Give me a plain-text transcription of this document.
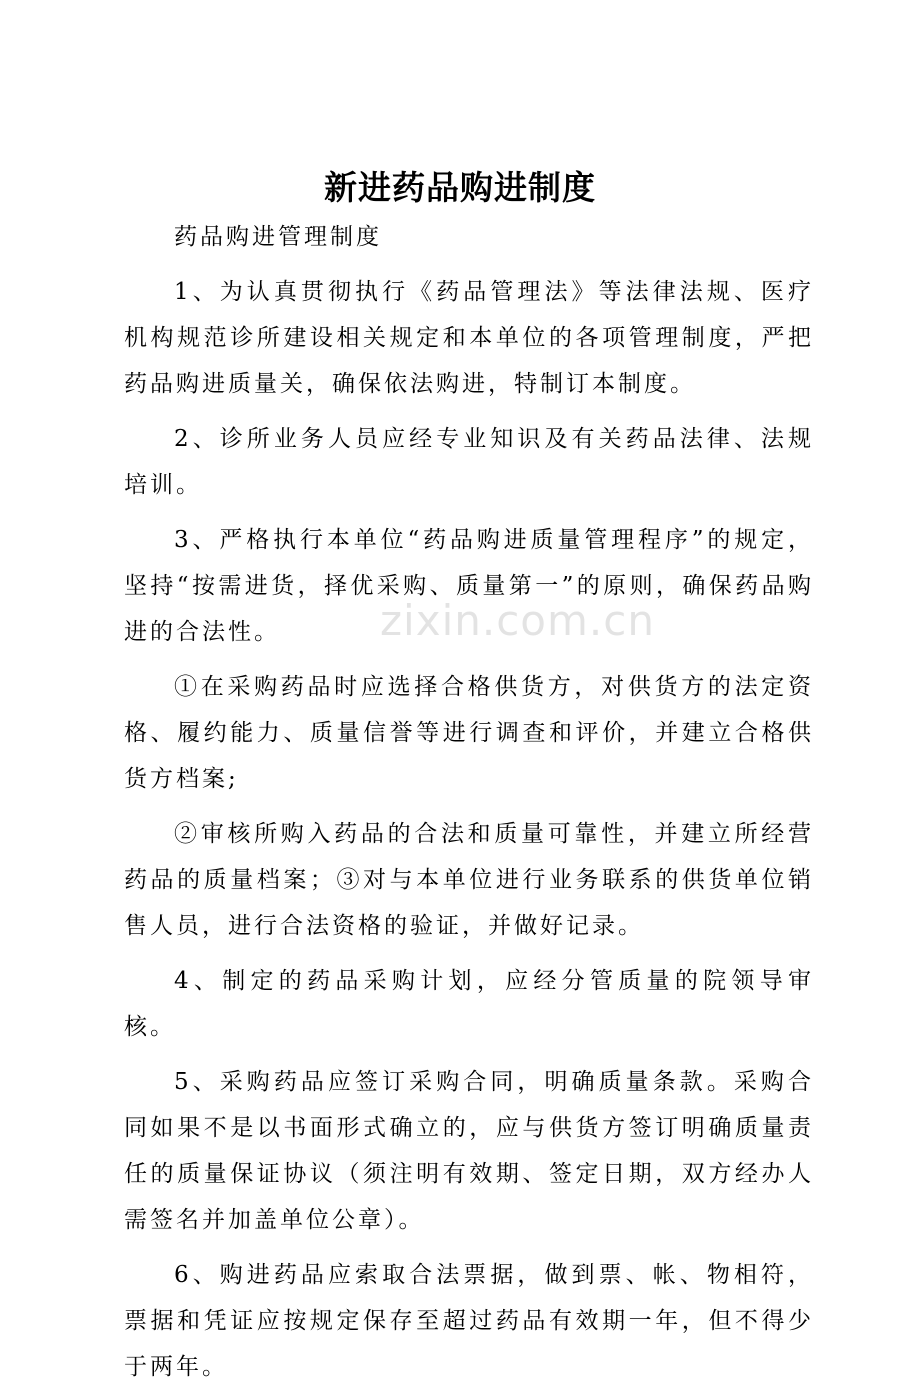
新进药品购进制度

药品购进管理制度

1、为认真贯彻执行《药品管理法》等法律法规、医疗机构规范诊所建设相关规定和本单位的各项管理制度，严把药品购进质量关，确保依法购进，特制订本制度。

2、诊所业务人员应经专业知识及有关药品法律、法规培训。

3、严格执行本单位“药品购进质量管理程序”的规定，坚持“按需进货，择优采购、质量第一”的原则，确保药品购进的合法性。

①在采购药品时应选择合格供货方，对供货方的法定资格、履约能力、质量信誉等进行调查和评价，并建立合格供货方档案;

②审核所购入药品的合法和质量可靠性，并建立所经营药品的质量档案；③对与本单位进行业务联系的供货单位销售人员，进行合法资格的验证，并做好记录。

4、制定的药品采购计划，应经分管质量的院领导审核。

5、采购药品应签订采购合同，明确质量条款。采购合同如果不是以书面形式确立的，应与供货方签订明确质量责任的质量保证协议（须注明有效期、签定日期，双方经办人需签名并加盖单位公章）。

6、购进药品应索取合法票据，做到票、帐、物相符，票据和凭证应按规定保存至超过药品有效期一年，但不得少于两年。

zixin.com.cn
